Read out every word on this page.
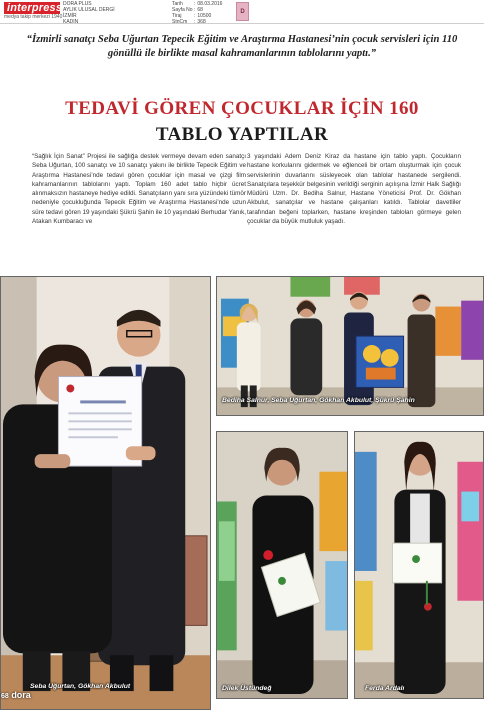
interpress
medya takip merkezi 1940
DORA PLUS
AYLIK ULUSAL DERGİ
İZMİR
KADIN
Tarih	: 08.03.2016
Sayfa No : 68
Tiraj	: 10500
StnCm	: 368
D
“İzmirli sanatçı Seba Uğurtan Tepecik Eğitim ve Araştırma Hastanesi’nin çocuk servisleri için 110 gönüllü ile birlikte masal kahramanlarının tablolarını yaptı.”
TEDAVİ GÖREN ÇOCUKLAR İÇİN 160
TABLO YAPTILAR
“Sağlık İçin Sanat” Projesi ile sağlığa destek vermeye devam eden sanatçı Seba Uğurtan, 100 sanatçı ve 10 sanatçı yakını ile birlikte Tepecik Eğitim ve Araştırma Hastanesi’nde tedavi gören çocuklar için masal ve çizgi film kahramanlarının tablolarını yaptı. Toplam 160 adet tablo hiçbir ücret alınmaksızın hastaneye hediye edildi. Sanatçıların yanı sıra yüzündeki tümör nedeniyle çocukluğunda Tepecik Eğitim ve Araştırma Hastanesi’nde uzun süre tedavi gören 19 yaşındaki Şükrü Şahin ile 10 yaşındaki Berhudar Yanık, Atakan Kumbaracı ve
3 yaşındaki Adem Deniz Kiraz da hastane için tablo yaptı. Çocukların hastane korkularını gidermek ve eğlenceli bir ortam oluşturmak için çocuk servislerinin duvarlarını süsleyecek olan tablolar hastanede sergilendi. Sanatçılara teşekkür belgesinin verildiği serginin açılışına İzmir Halk Sağlığı Müdürü Uzm. Dr. Bediha Salnur, Hastane Yöneticisi Prof. Dr. Gökhan Akbulut, sanatçılar ve hastane çalışanları katıldı. Tablolar davetliler tarafından beğeni toplarken, hastane kreşinden tabloları görmeye gelen çocuklar da büyük mutluluk yaşadı.
Seba Uğurtan, Gökhan Akbulut
Bediha Salnur, Seba Uğurtan, Gökhan Akbulut, Şükrü Şahin
Dilek Üstündeğ	Ferda Ardalı
68 dora
